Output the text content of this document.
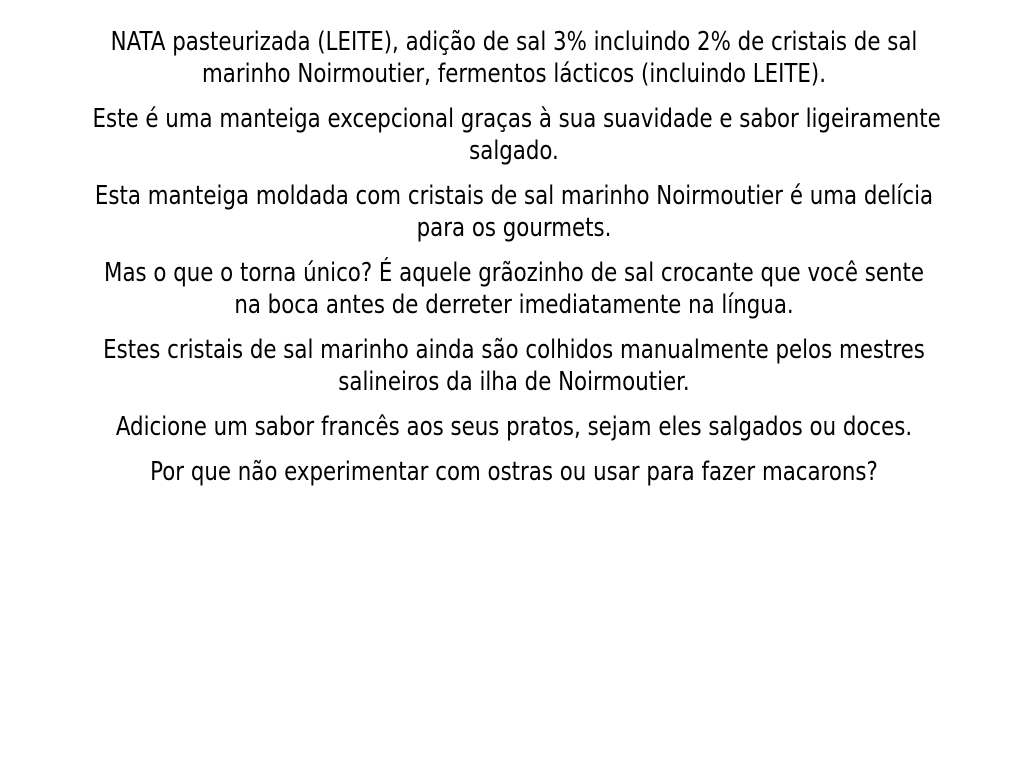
NATA pasteurizada (LEITE), adição de sal 3% incluindo 2% de cristais de sal
marinho Noirmoutier, fermentos lácticos (incluindo LEITE).

Este é uma manteiga excepcional graças à sua suavidade e sabor ligeiramente
salgado.

Esta manteiga moldada com cristais de sal marinho Noirmoutier é uma delícia
para os gourmets.

Mas o que o torna único? É aquele grãozinho de sal crocante que você sente
na boca antes de derreter imediatamente na língua.

Estes cristais de sal marinho ainda são colhidos manualmente pelos mestres
salineiros da ilha de Noirmoutier.

Adicione um sabor francês aos seus pratos, sejam eles salgados ou doces.

Por que não experimentar com ostras ou usar para fazer macarons?
